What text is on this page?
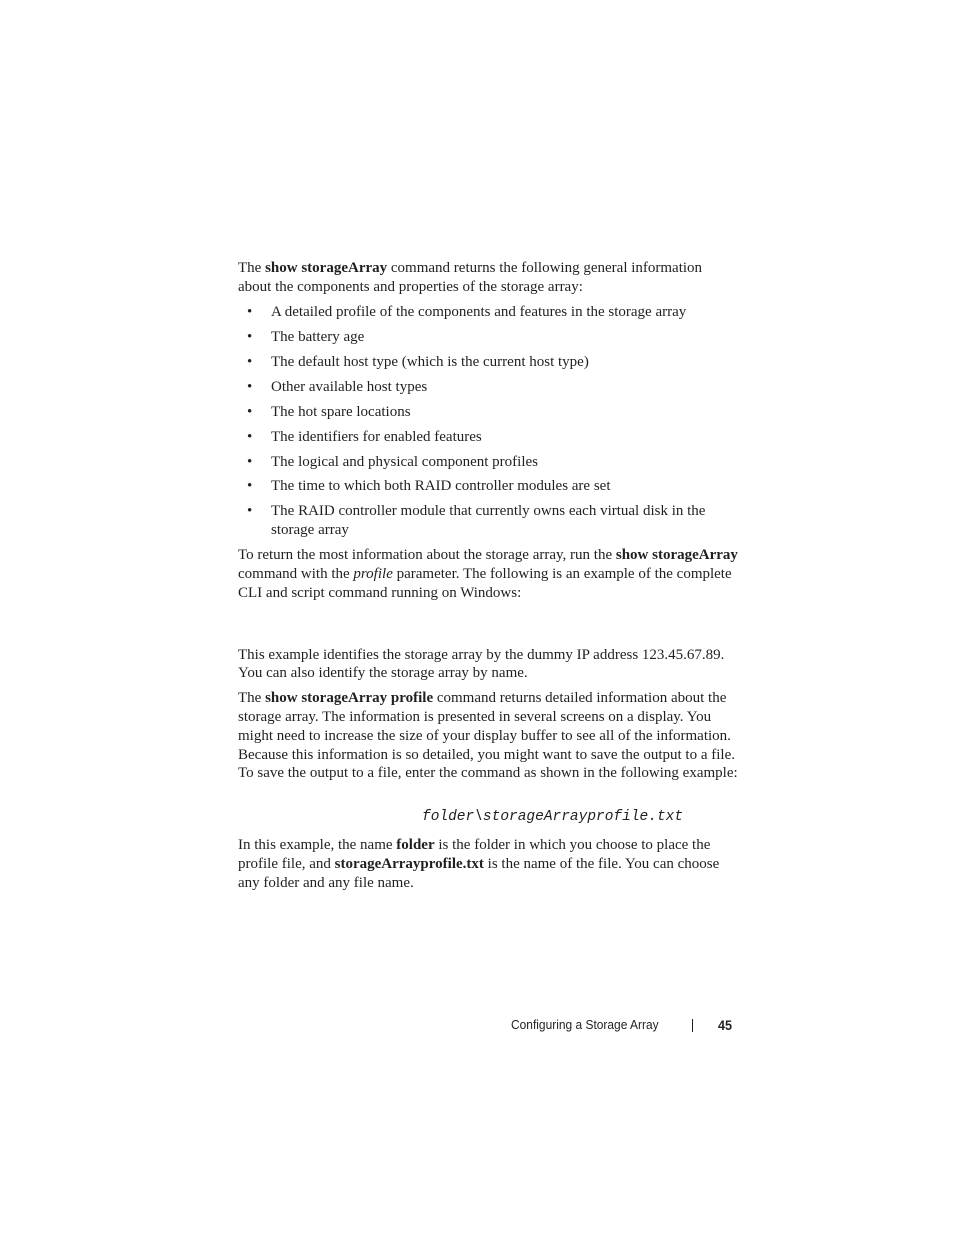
The show storageArray command returns the following general information about the components and properties of the storage array:

• A detailed profile of the components and features in the storage array
• The battery age
• The default host type (which is the current host type)
• Other available host types
• The hot spare locations
• The identifiers for enabled features
• The logical and physical component profiles
• The time to which both RAID controller modules are set
• The RAID controller module that currently owns each virtual disk in the storage array

To return the most information about the storage array, run the show storageArray command with the profile parameter. The following is an example of the complete CLI and script command running on Windows:

This example identifies the storage array by the dummy IP address 123.45.67.89. You can also identify the storage array by name.

The show storageArray profile command returns detailed information about the storage array. The information is presented in several screens on a display. You might need to increase the size of your display buffer to see all of the information. Because this information is so detailed, you might want to save the output to a file. To save the output to a file, enter the command as shown in the following example:

folder\storageArrayprofile.txt

In this example, the name folder is the folder in which you choose to place the profile file, and storageArrayprofile.txt is the name of the file. You can choose any folder and any file name.

Configuring a Storage Array	45
